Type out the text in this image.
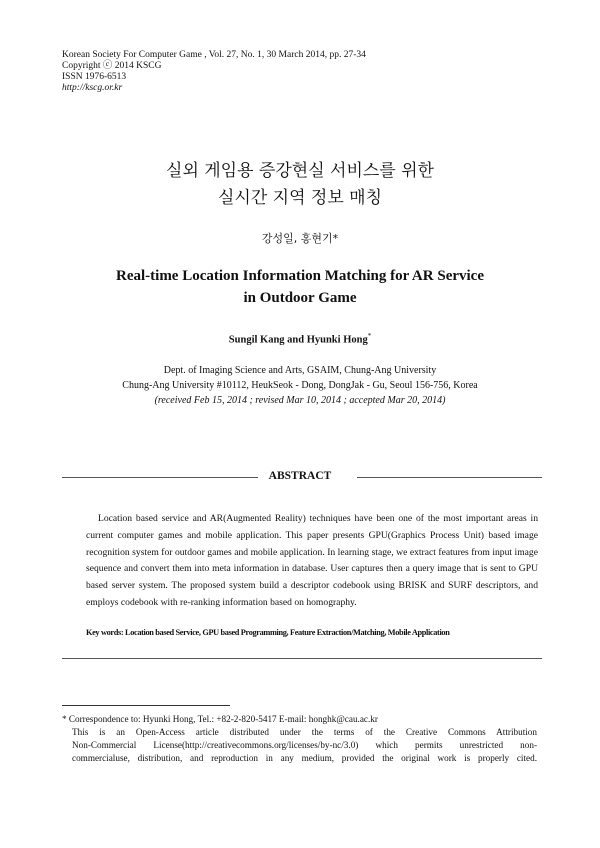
Korean Society For Computer Game , Vol. 27, No. 1, 30 March 2014, pp. 27-34
Copyright ⓒ 2014 KSCG
ISSN 1976-6513
http://kscg.or.kr
실외 게임용 증강현실 서비스를 위한
실시간 지역 정보 매칭
강성일, 홍현기*
Real-time Location Information Matching for AR Service
in Outdoor Game
Sungil Kang and Hyunki Hong*
Dept. of Imaging Science and Arts, GSAIM, Chung-Ang University
Chung-Ang University #10112, HeukSeok - Dong, DongJak - Gu, Seoul 156-756, Korea
(received Feb 15, 2014 ; revised Mar 10, 2014 ; accepted Mar 20, 2014)
ABSTRACT
Location based service and AR(Augmented Reality) techniques have been one of the most important areas in current computer games and mobile application. This paper presents GPU(Graphics Process Unit) based image recognition system for outdoor games and mobile application. In learning stage, we extract features from input image sequence and convert them into meta information in database. User captures then a query image that is sent to GPU based server system. The proposed system build a descriptor codebook using BRISK and SURF descriptors, and employs codebook with re-ranking information based on homography.
Key words: Location based Service, GPU based Programming, Feature Extraction/Matching, Mobile Application
* Correspondence to: Hyunki Hong, Tel.: +82-2-820-5417 E-mail: honghk@cau.ac.kr
This is an Open-Access article distributed under the terms of the Creative Commons Attribution
Non-Commercial License(http://creativecommons.org/licenses/by-nc/3.0) which permits unrestricted non-
commercialuse, distribution, and reproduction in any medium, provided the original work is properly cited.
